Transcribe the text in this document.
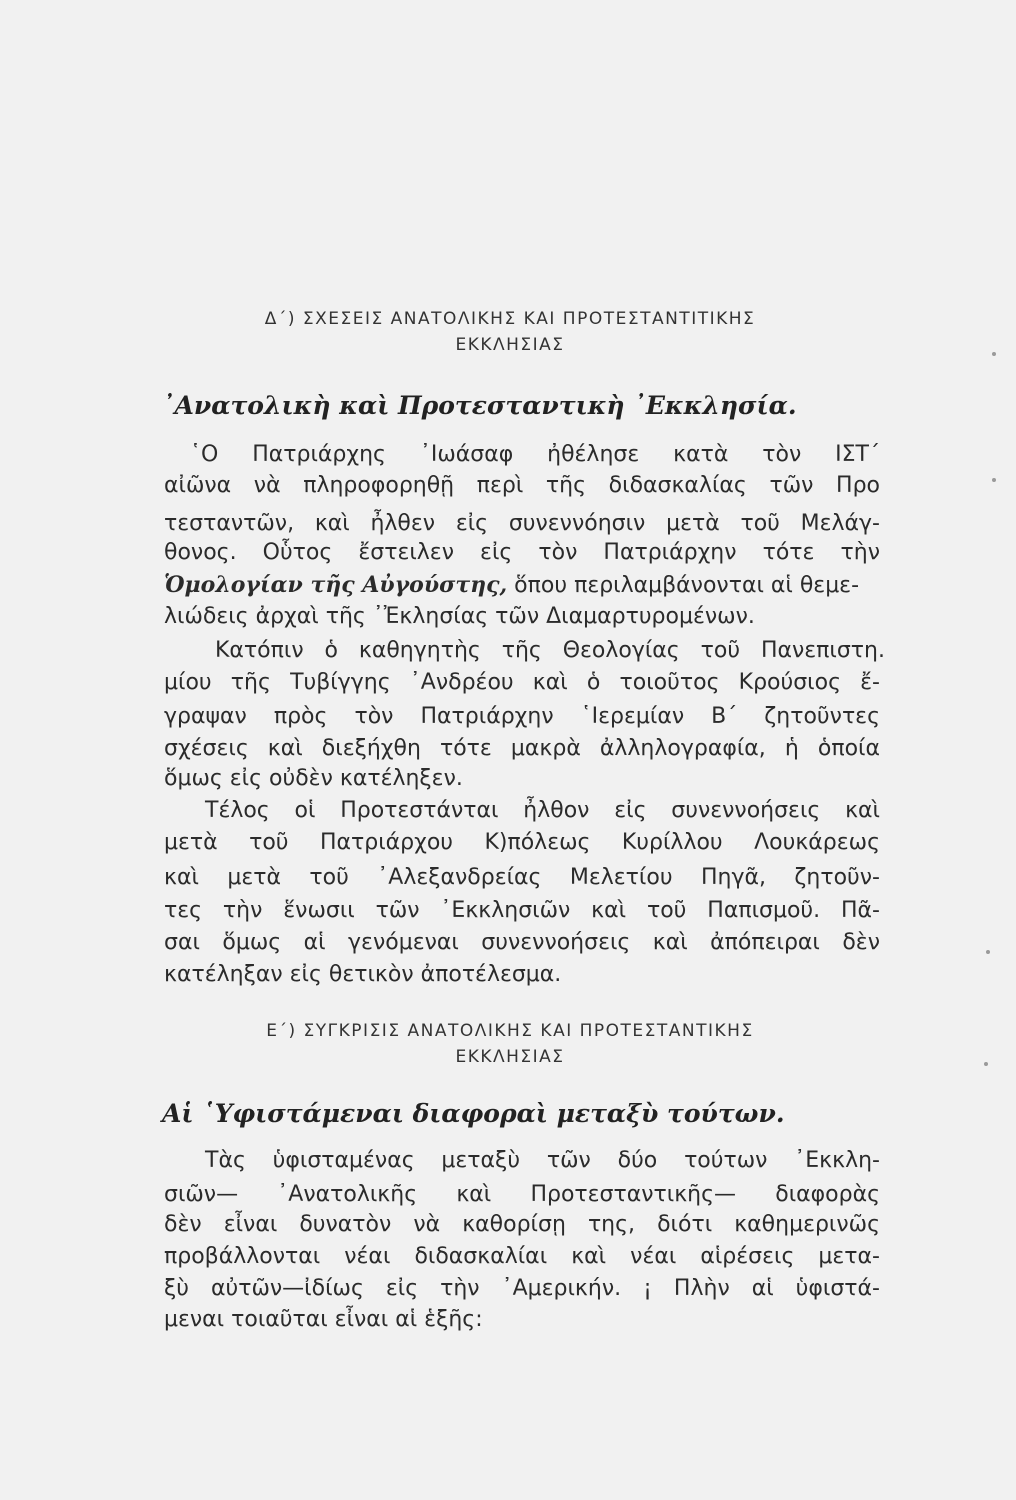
Δ΄) ΣΧΕΣΕΙΣ ΑΝΑΤΟΛΙΚΗΣ ΚΑΙ ΠΡΟΤΕΣΤΑΝΤΙΤΙΚΗΣ
ΕΚΚΛΗΣΙΑΣ
᾿Ανατολικὴ καὶ Προτεσταντικὴ ᾿Εκκλησία.
῾Ο Πατριάρχης ᾿Ιωάσαφ ἠθέλησε κατὰ τὸν ΙΣΤ΄
αἰῶνα νὰ πληροφορηθῇ περὶ τῆς διδασκαλίας τῶν Προ
τεσταντῶν, καὶ ἦλθεν εἰς συνεννόησιν μετὰ τοῦ Μελάγ-
θονος. Οὗτος ἔστειλεν εἰς τὸν Πατριάρχην τότε τὴν
Ὁμολογίαν τῆς Αὐγούστης, ὅπου περιλαμβάνονται αἱ θεμε-
λιώδεις ἀρχαὶ τῆς ᾿Ἐκλησίας τῶν Διαμαρτυρομένων.
Κατόπιν ὁ καθηγητὴς τῆς Θεολογίας τοῦ Πανεπιστη.
μίου τῆς Τυβίγγης ᾿Ανδρέου καὶ ὁ τοιοῦτος Κρούσιος ἔ-
γραψαν πρὸς τὸν Πατριάρχην ῾Ιερεμίαν Β΄ ζητοῦντες
σχέσεις καὶ διεξήχθη τότε μακρὰ ἀλληλογραφία, ἡ ὁποία
ὅμως εἰς οὐδὲν κατέληξεν.
Τέλος οἱ Προτεστάνται ἦλθον εἰς συνεννοήσεις καὶ
μετὰ τοῦ Πατριάρχου Κ)πόλεως Κυρίλλου Λουκάρεως
καὶ μετὰ τοῦ ᾿Αλεξανδρείας Μελετίου Πηγᾶ, ζητοῦν-
τες τὴν ἕνωσιι τῶν ᾿Εκκλησιῶν καὶ τοῦ Παπισμοῦ. Πᾶ-
σαι ὅμως αἱ γενόμεναι συνεννοήσεις καὶ ἀπόπειραι δὲν
κατέληξαν εἰς θετικὸν ἀποτέλεσμα.
Ε΄) ΣΥΓΚΡΙΣΙΣ ΑΝΑΤΟΛΙΚΗΣ ΚΑΙ ΠΡΟΤΕΣΤΑΝΤΙΚΗΣ
ΕΚΚΛΗΣΙΑΣ
Αἱ ῾Υφιστάμεναι διαφοραὶ μεταξὺ τούτων.
Τὰς ὑφισταμένας μεταξὺ τῶν δύο τούτων ᾿Εκκλη-
σιῶν— ᾿Ανατολικῆς καὶ Προτεσταντικῆς— διαφορὰς
δὲν εἶναι δυνατὸν νὰ καθορίσῃ της, διότι καθημερινῶς
προβάλλονται νέαι διδασκαλίαι καὶ νέαι αἱρέσεις μετα-
ξὺ αὐτῶν—ἰδίως εἰς τὴν ᾿Αμερικήν. ¡ Πλὴν αἱ ὑφιστά-
μεναι τοιαῦται εἶναι αἱ ἑξῆς:
